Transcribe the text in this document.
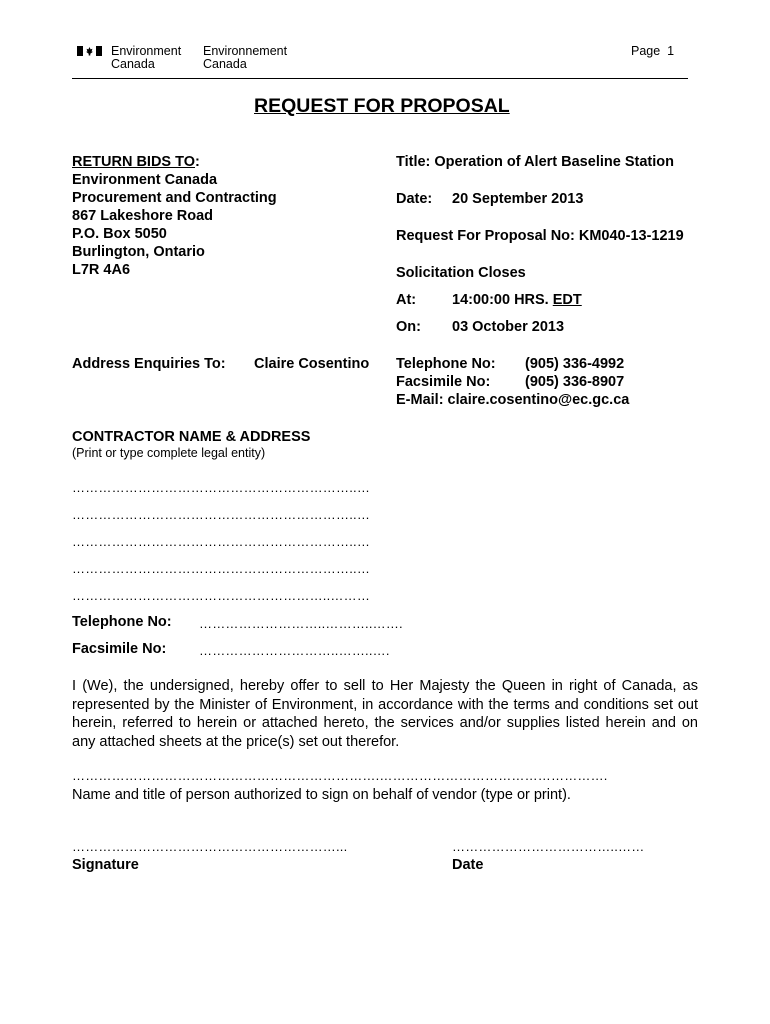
Environment
Canada
Environnement
Canada
Page 1
REQUEST FOR PROPOSAL
RETURN BIDS TO:
Environment Canada
Procurement and Contracting
867 Lakeshore Road
P.O. Box 5050
Burlington, Ontario
L7R 4A6
Title: Operation of Alert Baseline Station
Date: 20 September 2013
Request For Proposal No: KM040-13-1219
Solicitation Closes
At: 14:00:00 HRS. EDT
On: 03 October 2013
Address Enquiries To: Claire Cosentino Telephone No: (905) 336-4992
Facsimile No: (905) 336-8907
E-Mail: claire.cosentino@ec.gc.ca
CONTRACTOR NAME & ADDRESS
(Print or type complete legal entity)
………………………………………………………..…
………………………………………………………..…
………………………………………………………..…
………………………………………………………..…
…………………………………………………..………
Telephone No: ………………………..………..…….
Facsimile No:	…………………………..……..….
I (We), the undersigned, hereby offer to sell to Her Majesty the Queen in right of Canada, as represented by the Minister of Environment, in accordance with the terms and conditions set out herein, referred to herein or attached hereto, the services and/or supplies listed herein and on any attached sheets at the price(s) set out therefor.
…………………………………………………………….…………………………………………….
Name and title of person authorized to sign on behalf of vendor (type or print).
……………………………………………………...
Signature
………………………………..……
Date
